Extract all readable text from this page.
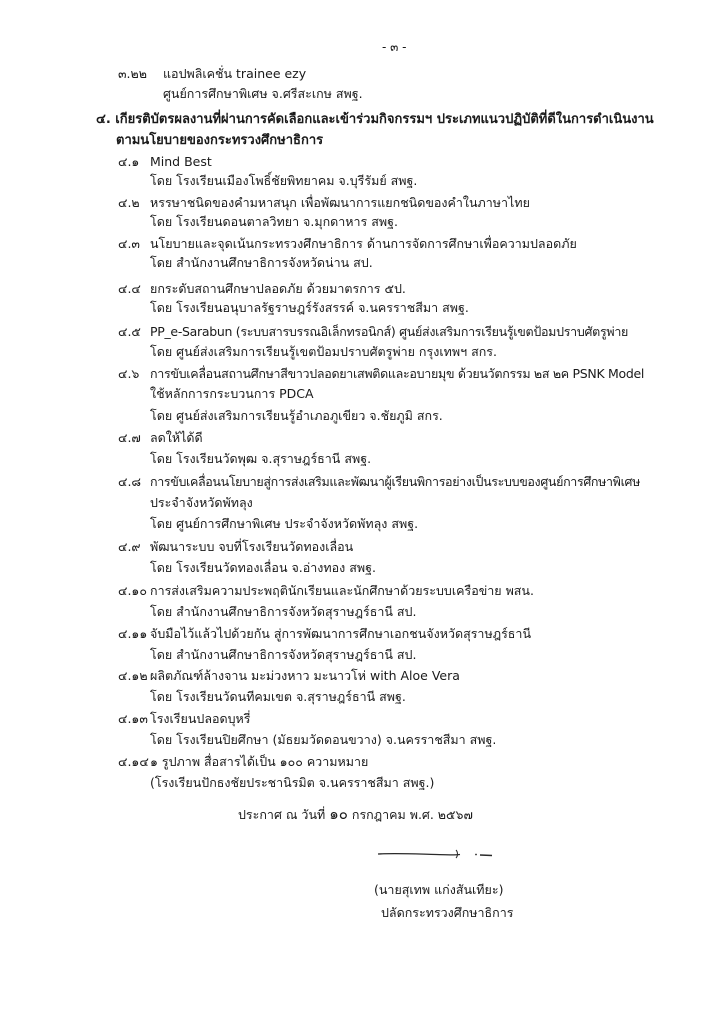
- ๓ -
๓.๒๒ แอปพลิเคชั่น trainee ezy
ศูนย์การศึกษาพิเศษ จ.ศรีสะเกษ สพฐ.
๔. เกียรติบัตรผลงานที่ผ่านการคัดเลือกและเข้าร่วมกิจกรรมฯ ประเภทแนวปฏิบัติที่ดีในการดำเนินงาน
ตามนโยบายของกระทรวงศึกษาธิการ
๔.๑ Mind Best
โดย โรงเรียนเมืองโพธิ์ชัยพิทยาคม จ.บุรีรัมย์ สพฐ.
๔.๒ หรรษาชนิดของคำมหาสนุก เพื่อพัฒนาการแยกชนิดของคำในภาษาไทย
โดย โรงเรียนดอนตาลวิทยา จ.มุกดาหาร สพฐ.
๔.๓ นโยบายและจุดเน้นกระทรวงศึกษาธิการ ด้านการจัดการศึกษาเพื่อความปลอดภัย
โดย สำนักงานศึกษาธิการจังหวัดน่าน สป.
๔.๔ ยกระดับสถานศึกษาปลอดภัย ด้วยมาตรการ ๕ป.
โดย โรงเรียนอนุบาลรัฐราษฎร์รังสรรค์ จ.นครราชสีมา สพฐ.
๔.๕ PP_e-Sarabun (ระบบสารบรรณอิเล็กทรอนิกส์) ศูนย์ส่งเสริมการเรียนรู้เขตป้อมปราบศัตรูพ่าย
โดย ศูนย์ส่งเสริมการเรียนรู้เขตป้อมปราบศัตรูพ่าย กรุงเทพฯ สกร.
๔.๖ การขับเคลื่อนสถานศึกษาสีขาวปลอดยาเสพติดและอบายมุข ด้วยนวัตกรรม ๒ส ๒ค PSNK Model
ใช้หลักการกระบวนการ PDCA
โดย ศูนย์ส่งเสริมการเรียนรู้อำเภอภูเขียว จ.ชัยภูมิ สกร.
๔.๗ ลดให้ได้ดี
โดย โรงเรียนวัดพุฒ จ.สุราษฎร์ธานี สพฐ.
๔.๘ การขับเคลื่อนนโยบายสู่การส่งเสริมและพัฒนาผู้เรียนพิการอย่างเป็นระบบของศูนย์การศึกษาพิเศษ
ประจำจังหวัดพัทลุง
โดย ศูนย์การศึกษาพิเศษ ประจำจังหวัดพัทลุง สพฐ.
๔.๙ พัฒนาระบบ จบที่โรงเรียนวัดทองเลื่อน
โดย โรงเรียนวัดทองเลื่อน จ.อ่างทอง สพฐ.
๔.๑๐ การส่งเสริมความประพฤตินักเรียนและนักศึกษาด้วยระบบเครือข่าย พสน.
โดย สำนักงานศึกษาธิการจังหวัดสุราษฎร์ธานี สป.
๔.๑๑ จับมือไว้แล้วไปด้วยกัน สู่การพัฒนาการศึกษาเอกชนจังหวัดสุราษฎร์ธานี
โดย สำนักงานศึกษาธิการจังหวัดสุราษฎร์ธานี สป.
๔.๑๒ ผลิตภัณฑ์ล้างจาน มะม่วงหาว มะนาวโห่ with Aloe Vera
โดย โรงเรียนวัดนทีคมเขต จ.สุราษฎร์ธานี สพฐ.
๔.๑๓ โรงเรียนปลอดบุหรี่
โดย โรงเรียนปิยศึกษา (มัธยมวัดดอนขวาง) จ.นครราชสีมา สพฐ.
๔.๑๔ ๑ รูปภาพ สื่อสารได้เป็น ๑๐๐ ความหมาย
(โรงเรียนปักธงชัยประชานิรมิต จ.นครราชสีมา สพฐ.)
ประกาศ ณ วันที่ ๑๐ กรกฎาคม พ.ศ. ๒๕๖๗
(นายสุเทพ แก่งสันเทียะ)
ปลัดกระทรวงศึกษาธิการ
